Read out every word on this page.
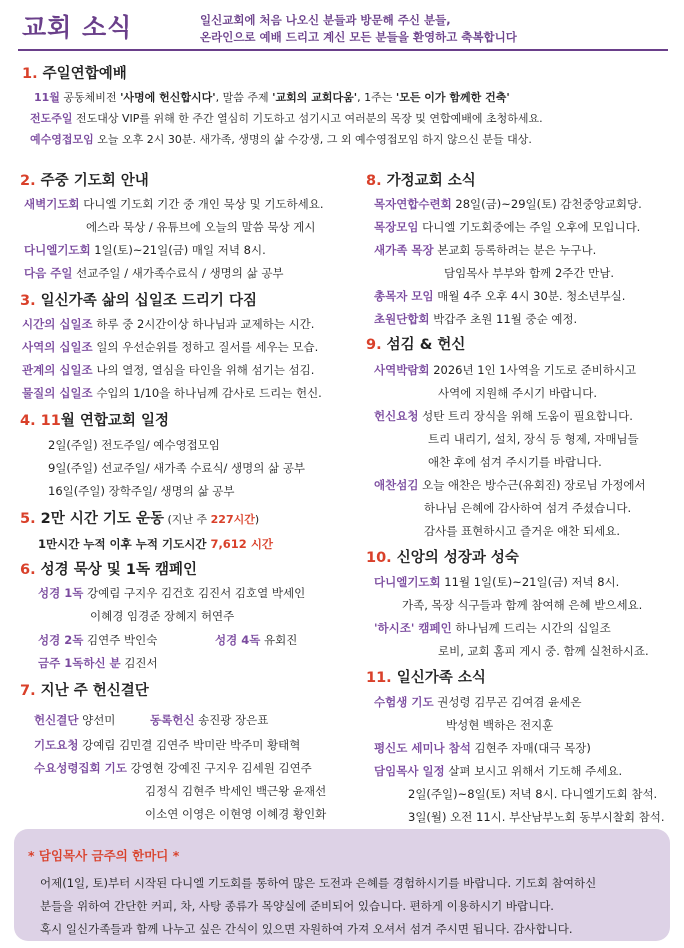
교회 소식	일신교회에 처음 나오신 분들과 방문해 주신 분들,
온라인으로 예배 드리고 계신 모든 분들을 환영하고 축복합니다
1. 주일연합예배
11월 공동체비전 '사명에 헌신합시다', 말씀 주제 '교회의 교회다움', 1주는 '모든 이가 함께한 건축'
전도주일 전도대상 VIP를 위해 한 주간 열심히 기도하고 섬기시고 여러분의 목장 및 연합예배에 초청하세요.
예수영접모임 오늘 오후 2시 30분. 새가족, 생명의 삶 수강생, 그 외 예수영접모임 하지 않으신 분들 대상.
2. 주중 기도회 안내
새벽기도회 다니엘 기도회 기간 중 개인 묵상 및 기도하세요.
에스라 묵상 / 유튜브에 오늘의 말씀 묵상 게시
다니엘기도회 1일(토)~21일(금) 매일 저녁 8시.
다음 주일 선교주일 / 새가족수료식 / 생명의 삶 공부
3. 일신가족 삶의 십일조 드리기 다짐
시간의 십일조 하루 중 2시간이상 하나님과 교제하는 시간.
사역의 십일조 일의 우선순위를 정하고 질서를 세우는 모습.
관계의 십일조 나의 열정, 열심을 타인을 위해 섬기는 섬김.
물질의 십일조 수입의 1/10을 하나님께 감사로 드리는 헌신.
4. 11월 연합교회 일정
2일(주일) 전도주일/ 예수영접모임
9일(주일) 선교주일/ 새가족 수료식/ 생명의 삶 공부
16일(주일) 장학주일/ 생명의 삶 공부
5. 2만 시간 기도 운동 (지난 주 227시간)
1만시간 누적 이후 누적 기도시간 7,612 시간
6. 성경 묵상 및 1독 캠페인
성경 1독 강예림 구지우 김건호 김진서 김호열 박세인
이혜경 임경준 장혜지 허연주
성경 2독 김연주 박인숙	성경 4독 유회진
금주 1독하신 분 김진서
7. 지난 주 헌신결단
헌신결단 양선미	동록헌신 송진광 장은표
기도요청 강예림 김민결 김연주 박미란 박주미 황태혁
수요성령집회 기도 강영현 강예진 구지우 김세원 김연주
김정식 김현주 박세인 백근왕 윤재선
이소연 이영은 이현영 이혜경 황인화
8. 가정교회 소식
목자연합수련회 28일(금)~29일(토) 감천중앙교회당.
목장모임 다니엘 기도회중에는 주일 오후에 모입니다.
새가족 목장 본교회 등록하려는 분은 누구나.
담임목사 부부와 함께 2주간 만남.
총목자 모임 매월 4주 오후 4시 30분. 청소년부실.
초원단합회 박갑주 초원 11월 중순 예정.
9. 섬김 & 헌신
사역박람회 2026년 1인 1사역을 기도로 준비하시고
사역에 지원해 주시기 바랍니다.
헌신요청 성탄 트리 장식을 위해 도움이 필요합니다.
트리 내리기, 설치, 장식 등 형제, 자매님들
애찬 후에 섬겨 주시기를 바랍니다.
애찬섬김 오늘 애찬은 방수근(유회진) 장로님 가정에서
하나님 은혜에 감사하여 섬겨 주셨습니다.
감사를 표현하시고 즐거운 애찬 되세요.
10. 신앙의 성장과 성숙
다니엘기도회 11월 1일(토)~21일(금) 저녁 8시.
가족, 목장 식구들과 함께 참여해 은혜 받으세요.
'하시조' 캠페인 하나님께 드리는 시간의 십일조
로비, 교회 홈피 게시 중. 함께 실천하시죠.
11. 일신가족 소식
수험생 기도 권성령 김무곤 김여겸 윤세온
박성현 백하은 전지훈
평신도 세미나 참석 김현주 자매(대극 목장)
담임목사 일정 살펴 보시고 위해서 기도해 주세요.
2일(주일)~8일(토) 저녁 8시. 다니엘기도회 참석.
3일(월) 오전 11시. 부산남부노회 동부시찰회 참석.
* 담임목사 금주의 한마디 *
어제(1일, 토)부터 시작된 다니엘 기도회를 통하여 많은 도전과 은혜를 경험하시기를 바랍니다. 기도회 참여하신
분들을 위하여 간단한 커피, 차, 사탕 종류가 목양실에 준비되어 있습니다. 편하게 이용하시기 바랍니다.
혹시 일신가족들과 함께 나누고 싶은 간식이 있으면 자원하여 가져 오셔서 섬겨 주시면 됩니다. 감사합니다.
